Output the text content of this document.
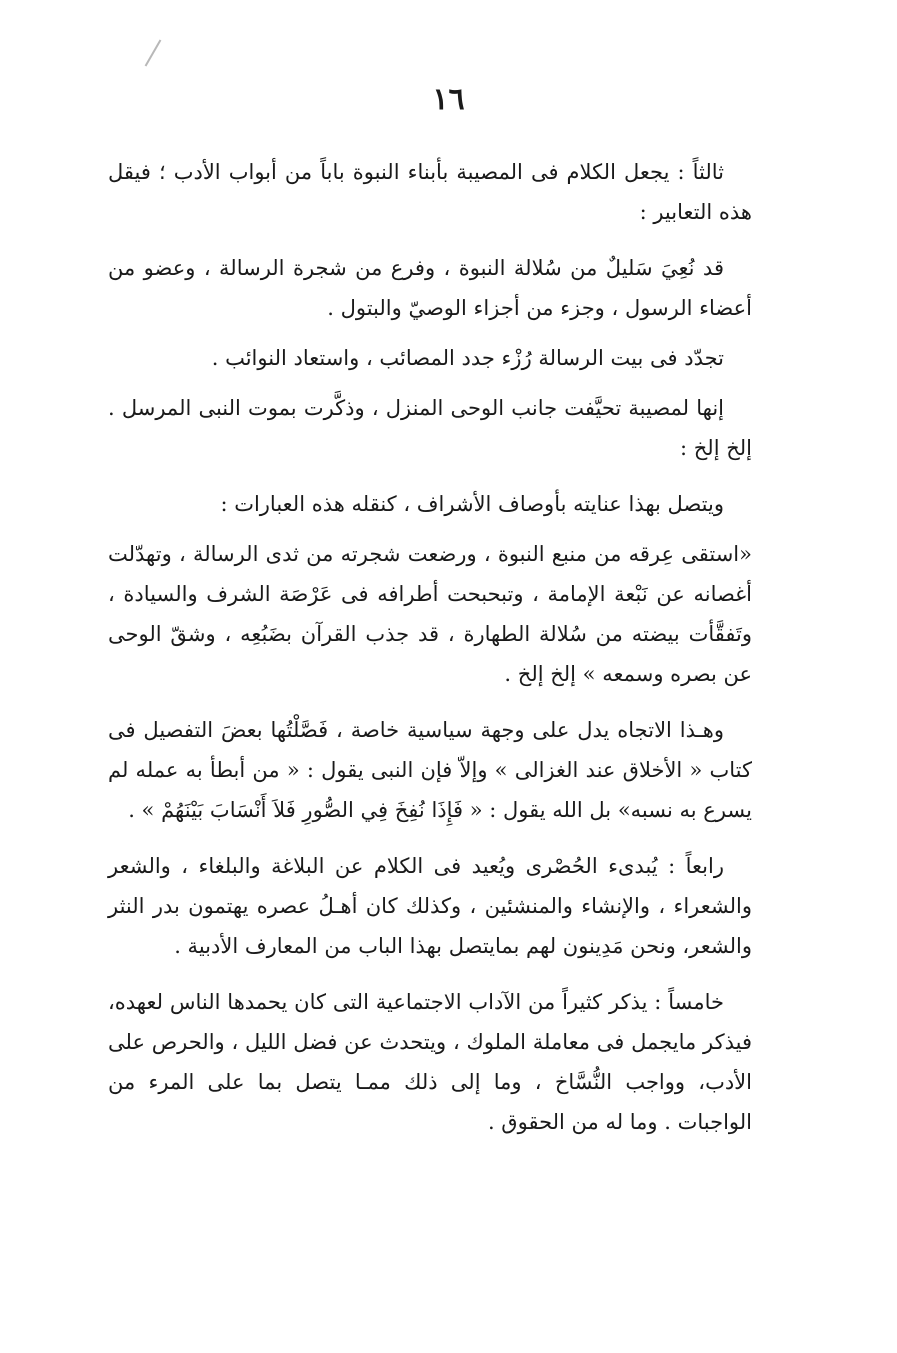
١٦

ثالثاً : يجعل الكلام فى المصيبة بأبناء النبوة باباً من أبواب الأدب ؛ فيقل هذه التعابير :

قد نُعِيَ سَليلٌ من سُلالة النبوة ، وفرع من شجرة الرسالة ، وعضو من أعضاء الرسول ، وجزء من أجزاء الوصيّ والبتول .

تجدّد فى بيت الرسالة رُزْء جدد المصائب ، واستعاد النوائب .

إنها لمصيبة تحيَّفت جانب الوحى المنزل ، وذكَّرت بموت النبى المرسل . إلخ إلخ :

ويتصل بهذا عنايته بأوصاف الأشراف ، كنقله هذه العبارات :

«استقى عِرقه من منبع النبوة ، ورضعت شجرته من ثدى الرسالة ، وتهدّلت أغصانه عن نَبْعة الإمامة ، وتبحبحت أطرافه فى عَرْصَة الشرف والسيادة ، وتَفقَّأت بيضته من سُلالة الطهارة ، قد جذب القرآن بضَبُعِه ، وشقّ الوحى عن بصره وسمعه » إلخ إلخ .

وهـذا الاتجاه يدل على وجهة سياسية خاصة ، فَصَّلْتُها بعضَ التفصيل فى كتاب « الأخلاق عند الغزالى » وإلاّ فإن النبى يقول : « من أبطأ به عمله لم يسرع به نسبه» بل الله يقول : « فَإِذَا نُفِخَ فِي الصُّورِ فَلاَ أَنْسَابَ بَيْنَهُمْ » .

رابعاً : يُبدىء الحُصْرى ويُعيد فى الكلام عن البلاغة والبلغاء ، والشعر والشعراء ، والإنشاء والمنشئين ، وكذلك كان أهـلُ عصره يهتمون بدر النثر والشعر، ونحن مَدِينون لهم بمايتصل بهذا الباب من المعارف الأدبية .

خامساً : يذكر كثيراً من الآداب الاجتماعية التى كان يحمدها الناس لعهده، فيذكر مايجمل فى معاملة الملوك ، ويتحدث عن فضل الليل ، والحرص على الأدب، وواجب النُّسَّاخ ، وما إلى ذلك ممـا يتصل بما على المرء من الواجبات . وما له من الحقوق .
